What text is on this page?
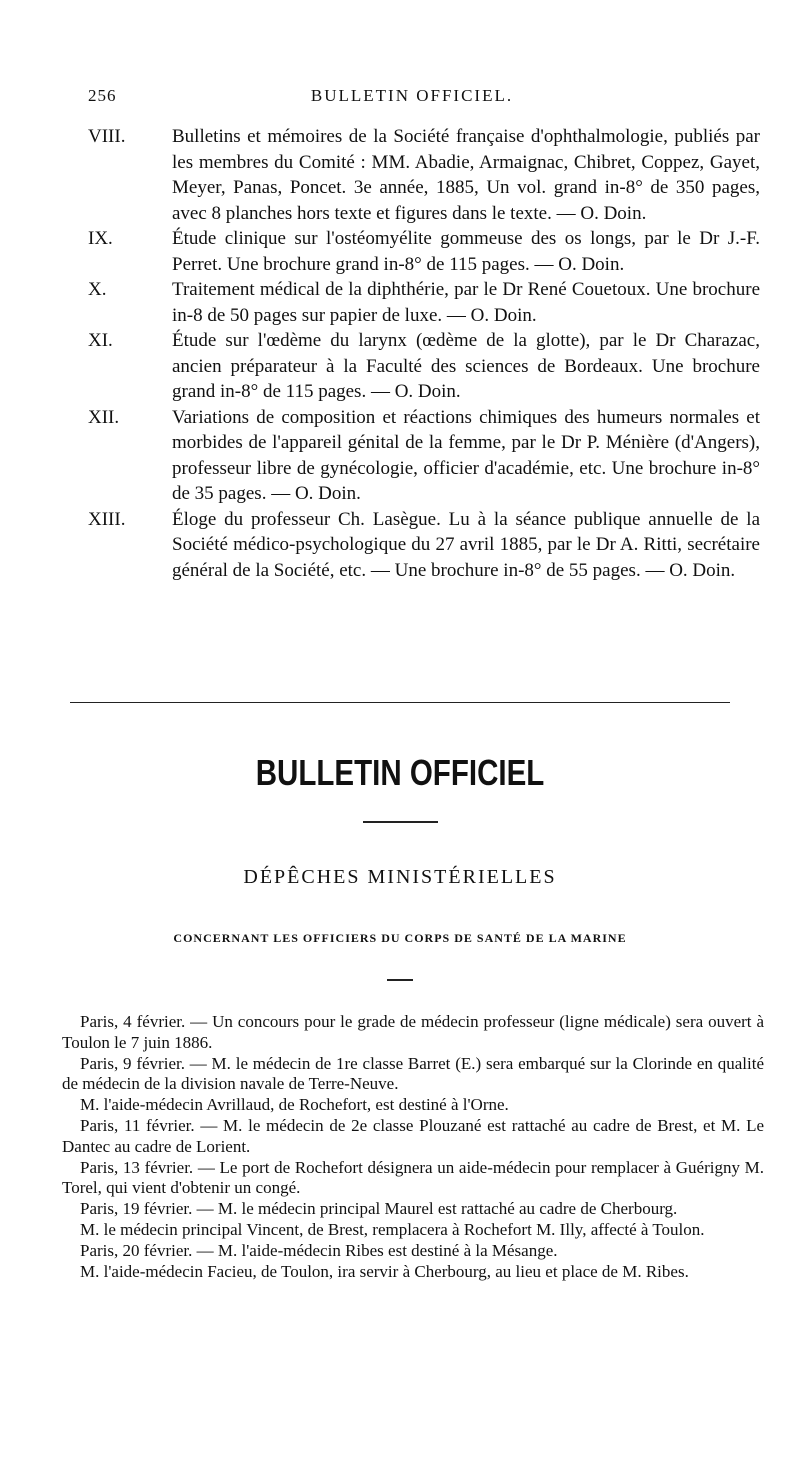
256	BULLETIN OFFICIEL.
VIII.	Bulletins et mémoires de la Société française d'ophthalmologie, publiés par les membres du Comité : MM. Abadie, Armaignac, Chibret, Coppez, Gayet, Meyer, Panas, Poncet. 3e année, 1885, Un vol. grand in-8° de 350 pages, avec 8 planches hors texte et figures dans le texte. — O. Doin.
IX.	Étude clinique sur l'ostéomyélite gommeuse des os longs, par le Dr J.-F. Perret. Une brochure grand in-8° de 115 pages. — O. Doin.
X.	Traitement médical de la diphthérie, par le Dr René Couetoux. Une brochure in-8 de 50 pages sur papier de luxe. — O. Doin.
XI.	Étude sur l'œdème du larynx (œdème de la glotte), par le Dr Charazac, ancien préparateur à la Faculté des sciences de Bordeaux. Une brochure grand in-8° de 115 pages. — O. Doin.
XII.	Variations de composition et réactions chimiques des humeurs normales et morbides de l'appareil génital de la femme, par le Dr P. Ménière (d'Angers), professeur libre de gynécologie, officier d'académie, etc. Une brochure in-8° de 35 pages. — O. Doin.
XIII.	Éloge du professeur Ch. Lasègue. Lu à la séance publique annuelle de la Société médico-psychologique du 27 avril 1885, par le Dr A. Ritti, secrétaire général de la Société, etc. — Une brochure in-8° de 55 pages. — O. Doin.
BULLETIN OFFICIEL
DÉPÊCHES MINISTÉRIELLES
CONCERNANT LES OFFICIERS DU CORPS DE SANTÉ DE LA MARINE

Paris, 4 février. — Un concours pour le grade de médecin professeur (ligne médicale) sera ouvert à Toulon le 7 juin 1886.

Paris, 9 février. — M. le médecin de 1re classe Barret (E.) sera embarqué sur la Clorinde en qualité de médecin de la division navale de Terre-Neuve.

M. l'aide-médecin Avrillaud, de Rochefort, est destiné à l'Orne.

Paris, 11 février. — M. le médecin de 2e classe Plouzané est rattaché au cadre de Brest, et M. Le Dantec au cadre de Lorient.

Paris, 13 février. — Le port de Rochefort désignera un aide-médecin pour remplacer à Guérigny M. Torel, qui vient d'obtenir un congé.

Paris, 19 février. — M. le médecin principal Maurel est rattaché au cadre de Cherbourg.

M. le médecin principal Vincent, de Brest, remplacera à Rochefort M. Illy, affecté à Toulon.

Paris, 20 février. — M. l'aide-médecin Ribes est destiné à la Mésange.

M. l'aide-médecin Facieu, de Toulon, ira servir à Cherbourg, au lieu et place de M. Ribes.
